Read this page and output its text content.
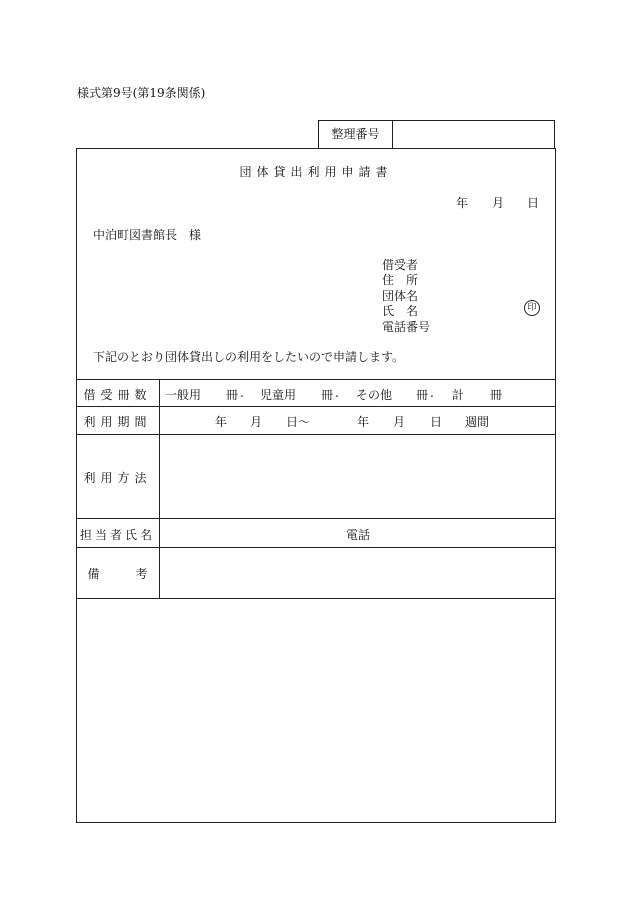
様式第9号(第19条関係)
整理番号
団体貸出利用申請書
年 月 日
中泊町図書館長　様
借受者
住　所
団体名
氏　名
電話番号
印
下記のとおり団体貸出しの利用をしたいので申請します。
借受冊数
利用期間
利用方法
担当者氏名
備　　　考
一般用 冊 . 児童用 冊 . その他 冊 . 計 冊
年 月 日〜	年 月 日 週間
電話
